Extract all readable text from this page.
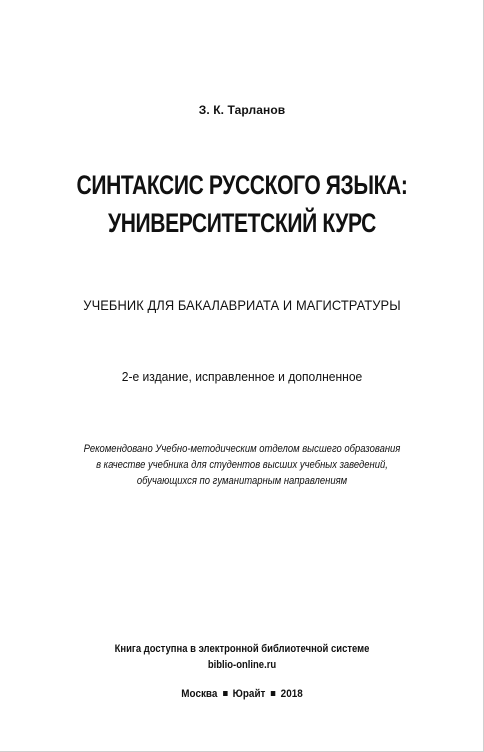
З. К. Тарланов
СИНТАКСИС РУССКОГО ЯЗЫКА:
УНИВЕРСИТЕТСКИЙ КУРС
УЧЕБНИК ДЛЯ БАКАЛАВРИАТА И МАГИСТРАТУРЫ
2-е издание, исправленное и дополненное
Рекомендовано Учебно-методическим отделом высшего образования
в качестве учебника для студентов высших учебных заведений,
обучающихся по гуманитарным направлениям
Книга доступна в электронной библиотечной системе
biblio-online.ru
Москва Юрайт 2018
